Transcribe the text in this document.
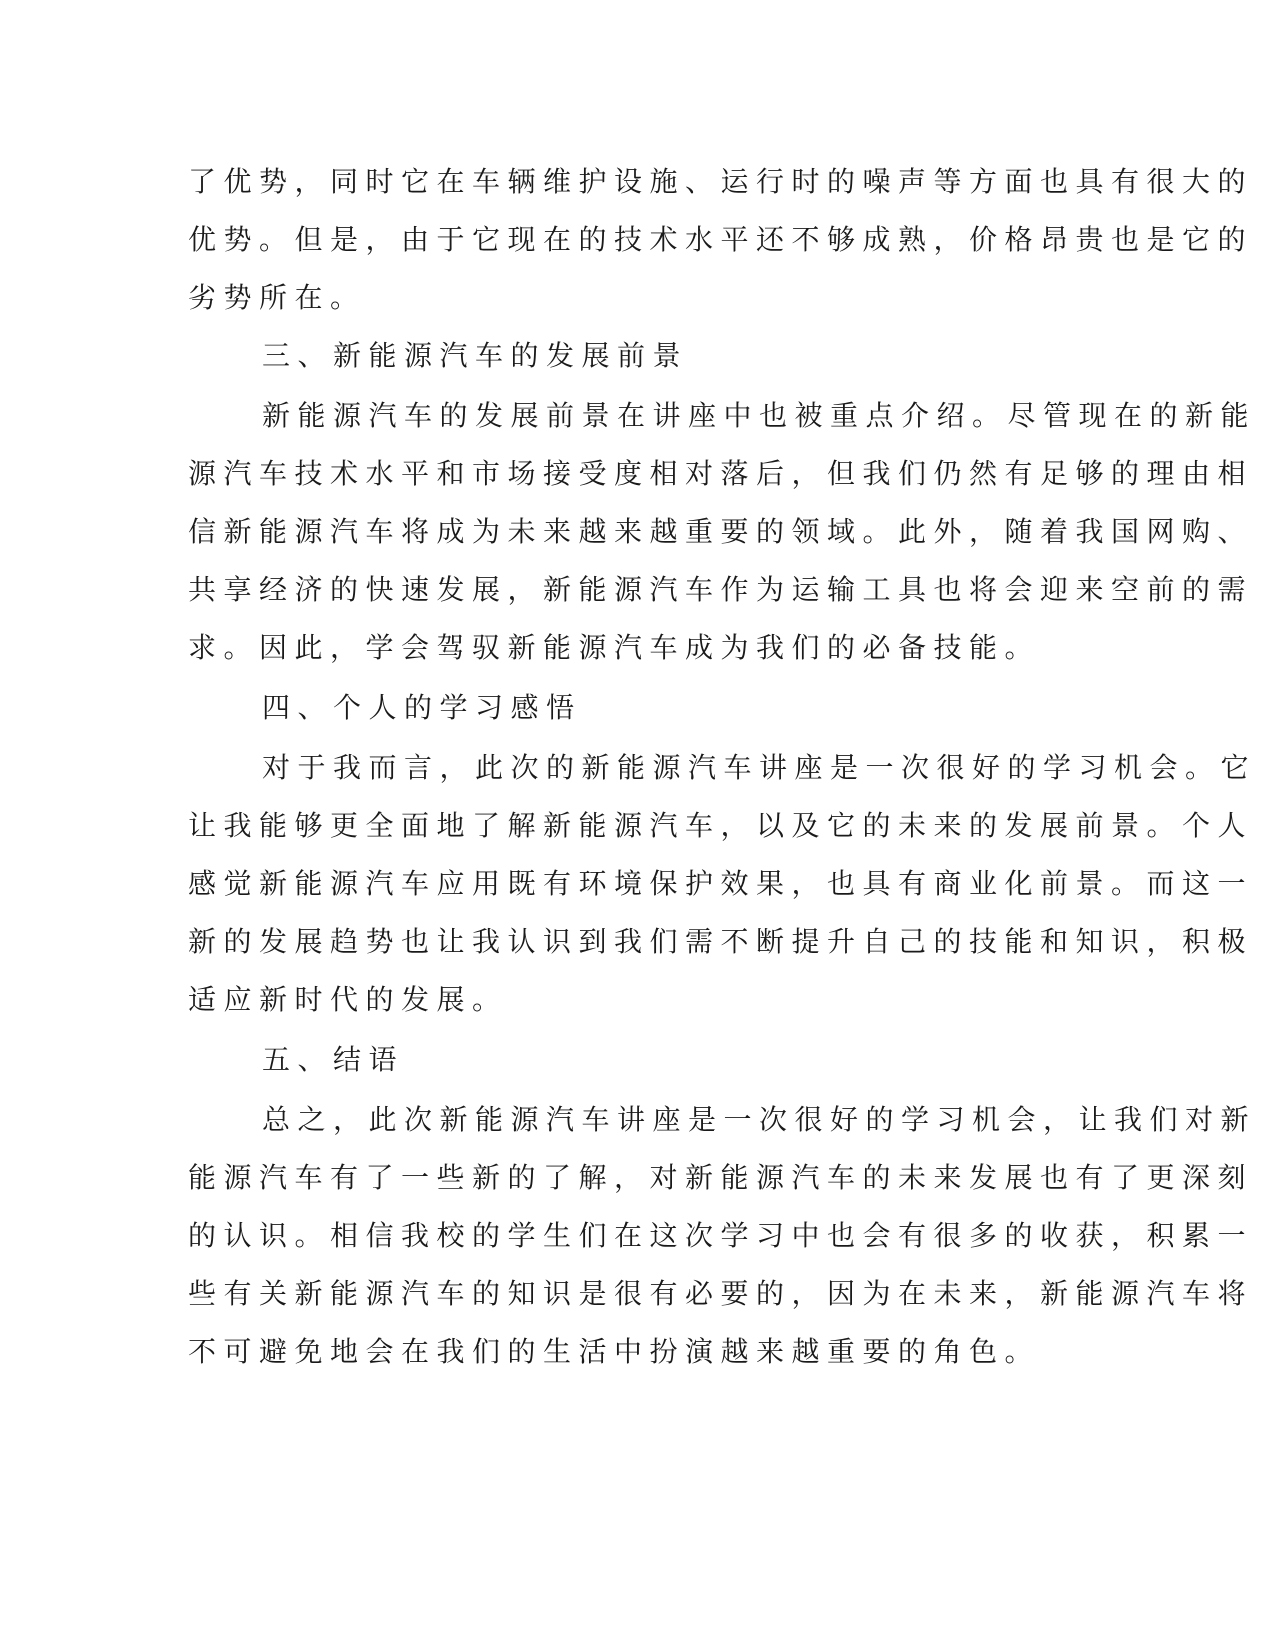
了优势，同时它在车辆维护设施、运行时的噪声等方面也具有很大的
优势。但是，由于它现在的技术水平还不够成熟，价格昂贵也是它的
劣势所在。
三、新能源汽车的发展前景
新能源汽车的发展前景在讲座中也被重点介绍。尽管现在的新能
源汽车技术水平和市场接受度相对落后，但我们仍然有足够的理由相
信新能源汽车将成为未来越来越重要的领域。此外，随着我国网购、
共享经济的快速发展，新能源汽车作为运输工具也将会迎来空前的需
求。因此，学会驾驭新能源汽车成为我们的必备技能。
四、个人的学习感悟
对于我而言，此次的新能源汽车讲座是一次很好的学习机会。它
让我能够更全面地了解新能源汽车，以及它的未来的发展前景。个人
感觉新能源汽车应用既有环境保护效果，也具有商业化前景。而这一
新的发展趋势也让我认识到我们需不断提升自己的技能和知识，积极
适应新时代的发展。
五、结语
总之，此次新能源汽车讲座是一次很好的学习机会，让我们对新
能源汽车有了一些新的了解，对新能源汽车的未来发展也有了更深刻
的认识。相信我校的学生们在这次学习中也会有很多的收获，积累一
些有关新能源汽车的知识是很有必要的，因为在未来，新能源汽车将
不可避免地会在我们的生活中扮演越来越重要的角色。
